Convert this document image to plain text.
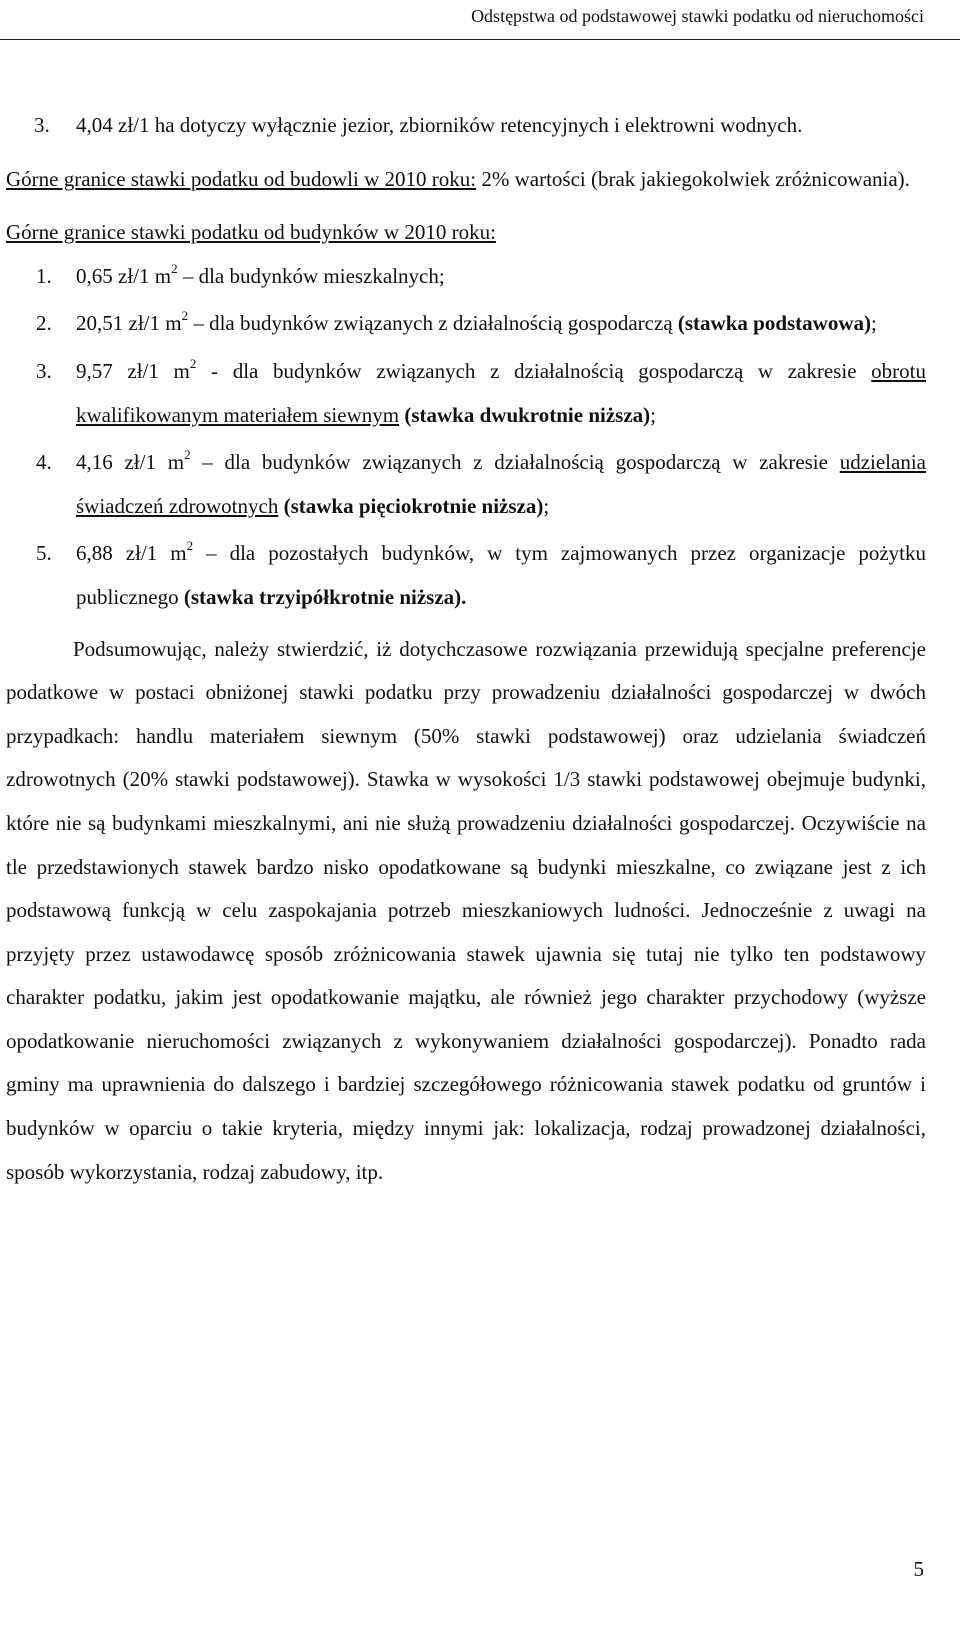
Odstępstwa od podstawowej stawki podatku od nieruchomości
3.	4,04 zł/1 ha dotyczy wyłącznie jezior, zbiorników retencyjnych i elektrowni wodnych.

Górne granice stawki podatku od budowli w 2010 roku: 2% wartości (brak jakiegokolwiek zróżnicowania).

Górne granice stawki podatku od budynków w 2010 roku:

1.	0,65 zł/1 $m^2$ – dla budynków mieszkalnych;
2.	20,51 zł/1 $m^2$ – dla budynków związanych z działalnością gospodarczą (stawka podstawowa);
3.	9,57 zł/1 $m^2$ - dla budynków związanych z działalnością gospodarczą w zakresie obrotu kwalifikowanym materiałem siewnym (stawka dwukrotnie niższa);
4.	4,16 zł/1 $m^2$ – dla budynków związanych z działalnością gospodarczą w zakresie udzielania świadczeń zdrowotnych (stawka pięciokrotnie niższa);
5.	6,88 zł/1 $m^2$ – dla pozostałych budynków, w tym zajmowanych przez organizacje pożytku publicznego (stawka trzyipółkrotnie niższa).

Podsumowując, należy stwierdzić, iż dotychczasowe rozwiązania przewidują specjalne preferencje podatkowe w postaci obniżonej stawki podatku przy prowadzeniu działalności gospodarczej w dwóch przypadkach: handlu materiałem siewnym (50% stawki podstawowej) oraz udzielania świadczeń zdrowotnych (20% stawki podstawowej). Stawka w wysokości 1/3 stawki podstawowej obejmuje budynki, które nie są budynkami mieszkalnymi, ani nie służą prowadzeniu działalności gospodarczej. Oczywiście na tle przedstawionych stawek bardzo nisko opodatkowane są budynki mieszkalne, co związane jest z ich podstawową funkcją w celu zaspokajania potrzeb mieszkaniowych ludności. Jednocześnie z uwagi na przyjęty przez ustawodawcę sposób zróżnicowania stawek ujawnia się tutaj nie tylko ten podstawowy charakter podatku, jakim jest opodatkowanie majątku, ale również jego charakter przychodowy (wyższe opodatkowanie nieruchomości związanych z wykonywaniem działalności gospodarczej). Ponadto rada gminy ma uprawnienia do dalszego i bardziej szczegółowego różnicowania stawek podatku od gruntów i budynków w oparciu o takie kryteria, między innymi jak: lokalizacja, rodzaj prowadzonej działalności, sposób wykorzystania, rodzaj zabudowy, itp.

5
